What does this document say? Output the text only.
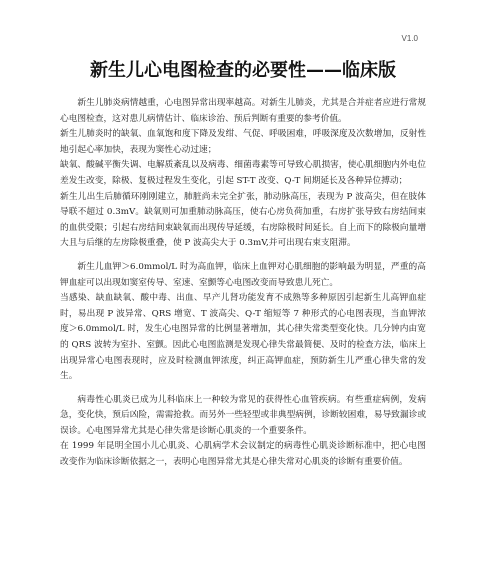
V1.0
新生儿心电图检查的必要性——临床版

新生儿肺炎病情越重，心电图异常出现率越高。对新生儿肺炎，尤其是合并症者应进行常规心电图检查，这对患儿病情估计、临床诊治、预后判断有重要的参考价值。

新生儿肺炎时的缺氧、血氧饱和度下降及发绀、气促、呼吸困难，呼吸深度及次数增加，反射性地引起心率加快，表现为窦性心动过速；

缺氧、酸碱平衡失调、电解质紊乱以及病毒、细菌毒素等可导致心肌损害，使心肌细胞内外电位差发生改变，除极、复极过程发生变化，引起 ST-T 改变、Q-T 间期延长及各种异位搏动；

新生儿出生后肺循环刚刚建立，肺脏尚未完全扩张，肺动脉高压，表现为 P 波高尖，但在肢体导联不超过 0.3mV。缺氧则可加重肺动脉高压，使右心房负荷加重，右房扩张导致右房结间束的血供受限；引起右房结间束缺氧而出现传导延缓，右房除极时间延长。自上而下的除极向量增大且与后继的左房除极重叠，使 P 波高尖大于 0.3mV,并可出现右束支阻滞。

新生儿血钾＞6.0mmol/L 时为高血钾，临床上血钾对心肌细胞的影响最为明显，严重的高钾血症可以出现如窦室传导、室速、室颤等心电图改变而导致患儿死亡。

当感染、缺血缺氧、酸中毒、出血、早产儿肾功能发育不成熟等多种原因引起新生儿高钾血症时，易出现 P 波异常、QRS 增宽、T 波高尖、Q-T 缩短等 7 种形式的心电图表现，当血钾浓度＞6.0mmol/L 时，发生心电图异常的比例显著增加，其心律失常类型变化快。几分钟内由宽的 QRS 波转为室扑、室颤。因此心电图监测是发现心律失常最简便、及时的检查方法，临床上出现异常心电图表现时，应及时检测血钾浓度，纠正高钾血症，预防新生儿严重心律失常的发生。

病毒性心肌炎已成为儿科临床上一种较为常见的获得性心血管疾病。有些重症病例，发病急，变化快，预后凶险，需需抢救。而另外一些轻型或非典型病例，诊断较困难，易导致漏诊或误诊。心电图异常尤其是心律失常是诊断心肌炎的一个重要条件。

在 1999 年昆明全国小儿心肌炎、心肌病学术会议制定的病毒性心肌炎诊断标准中，把心电图改变作为临床诊断依据之一，表明心电图异常尤其是心律失常对心肌炎的诊断有重要价值。
